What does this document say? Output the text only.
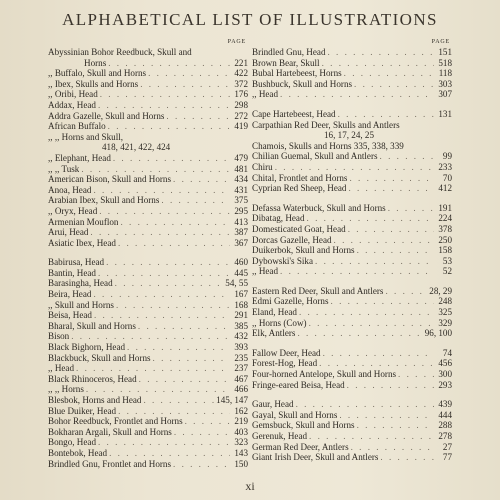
ALPHABETICAL LIST OF ILLUSTRATIONS
PAGE
Abyssinian Bohor Reedbuck, Skull and
Horns . . .	221
,, Buffalo, Skull and Horns . . .	422
,, Ibex, Skulls and Horns . . .	372
,, Oribi, Head . . .	176
Addax, Head . . .	298
Addra Gazelle, Skull and Horns . . .	272
African Buffalo . . .	419
,, ,, Horns and Skull,
418, 421, 422, 424
,, Elephant, Head . . .	479
,, ,, Tusk . . .	481
American Bison, Skull and Horns . . .	434
Anoa, Head . . .	431
Arabian Ibex, Skull and Horns . . .	375
,, Oryx, Head . . .	295
Armenian Mouflon . . .	413
Arui, Head . . .	387
Asiatic Ibex, Head . . .	367
Babirusa, Head . . .	460
Bantin, Head . . .	445
Barasingha, Head . . .	54, 55
Beira, Head . . .	167
,, Skull and Horns . . .	168
Beisa, Head . . .	291
Bharal, Skull and Horns . . .	385
Bison . . .	432
Black Bighorn, Head . . .	393
Blackbuck, Skull and Horns . . .	235
,, Head . . .	237
Black Rhinoceros, Head . . .	467
,, ,, Horns . . .	466
Blesbok, Horns and Head . . .	145, 147
Blue Duiker, Head . . .	162
Bohor Reedbuck, Frontlet and Horns . . .	219
Bokharan Argali, Skull and Horns . . .	403
Bongo, Head . . .	323
Bontebok, Head . . .	143
Brindled Gnu, Frontlet and Horns . . .	150
PAGE
Brindled Gnu, Head . . .	151
Brown Bear, Skull . . .	518
Bubal Hartebeest, Horns . . .	118
Bushbuck, Skull and Horns . . .	303
,, Head . . .	307
Cape Hartebeest, Head . . .	131
Carpathian Red Deer, Skulls and Antlers
16, 17, 24, 25
Chamois, Skulls and Horns 335, 338, 339
Chilian Guemal, Skull and Antlers . . .	99
Chiru . . .	233
Chital, Frontlet and Horns . . .	70
Cyprian Red Sheep, Head . . .	412
Defassa Waterbuck, Skull and Horns . . .	191
Dibatag, Head . . .	224
Domesticated Goat, Head . . .	378
Dorcas Gazelle, Head . . .	250
Duikerbok, Skull and Horns . . .	158
Dybowski's Sika . . .	53
,, Head . . .	52
Eastern Red Deer, Skull and Antlers . . .	28, 29
Edmi Gazelle, Horns . . .	248
Eland, Head . . .	325
,, Horns (Cow) . . .	329
Elk, Antlers . . .	96, 100
Fallow Deer, Head . . .	74
Forest-Hog, Head . . .	456
Four-horned Antelope, Skull and Horns . . .	300
Fringe-eared Beisa, Head . . .	293
Gaur, Head . . .	439
Gayal, Skull and Horns . . .	444
Gemsbuck, Skull and Horns . . .	288
Gerenuk, Head . . .	278
German Red Deer, Antlers . . .	27
Giant Irish Deer, Skull and Antlers . . .	77
xi
